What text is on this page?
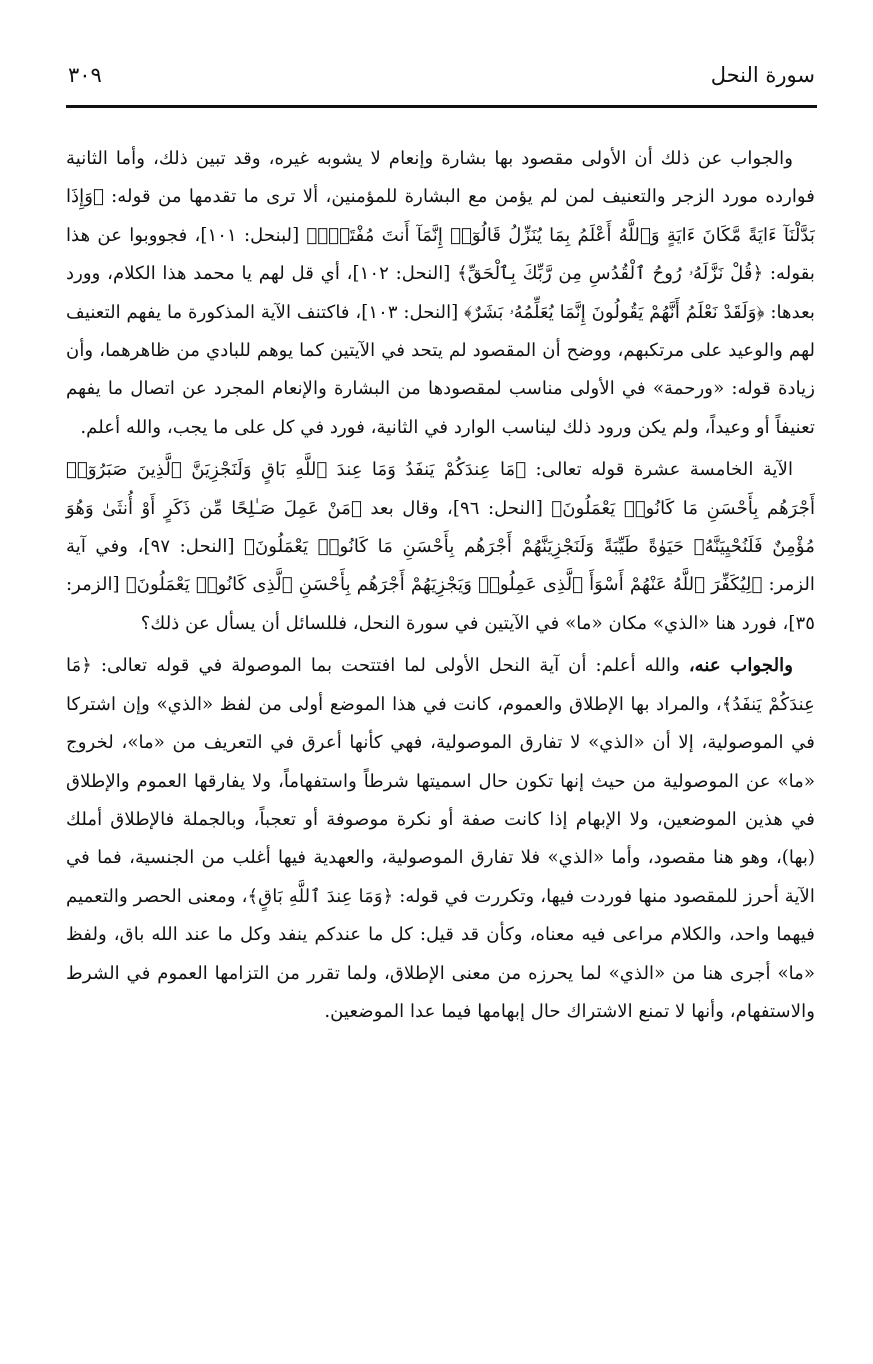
سورة النحل
٣٠٩

والجواب عن ذلك أن الأولى مقصود بها بشارة وإنعام لا يشوبه غيره، وقد تبين ذلك، وأما الثانية فوارده مورد الزجر والتعنيف لمن لم يؤمن مع البشارة للمؤمنين، ألا ترى ما تقدمها من قوله: ﴿وَإِذَا بَدَّلْنَآ ءَايَةً مَّكَانَ ءَايَةٍ وَٱللَّهُ أَعْلَمُ بِمَا يُنَزِّلُ قَالُوٓا۟ إِنَّمَآ أَنتَ مُفْتَرٍۭ﴾ [لبنحل: ١٠١]، فجووبوا عن هذا بقوله: ﴿قُلْ نَزَّلَهُۥ رُوحُ ٱلْقُدُسِ مِن رَّبِّكَ بِٱلْحَقِّ﴾ [النحل: ١٠٢]، أي قل لهم يا محمد هذا الكلام، وورد بعدها: ﴿وَلَقَدْ نَعْلَمُ أَنَّهُمْ يَقُولُونَ إِنَّمَا يُعَلِّمُهُۥ بَشَرٌ﴾ [النحل: ١٠٣]، فاكتنف الآية المذكورة ما يفهم التعنيف لهم والوعيد على مرتكبهم، ووضح أن المقصود لم يتحد في الآيتين كما يوهم للبادي من ظاهرهما، وأن زيادة قوله: «ورحمة» في الأولى مناسب لمقصودها من البشارة والإنعام المجرد عن اتصال ما يفهم تعنيفاً أو وعيداً، ولم يكن ورود ذلك ليناسب الوارد في الثانية، فورد في كل على ما يجب، والله أعلم.

الآية الخامسة عشرة قوله تعالى: ﴿مَا عِندَكُمْ يَنفَدُ وَمَا عِندَ ٱللَّهِ بَاقٍ وَلَنَجْزِيَنَّ ٱلَّذِينَ صَبَرُوٓا۟ أَجْرَهُم بِأَحْسَنِ مَا كَانُوا۟ يَعْمَلُونَ﴾ [النحل: ٩٦]، وقال بعد ﴿مَنْ عَمِلَ صَـٰلِحًا مِّن ذَكَرٍ أَوْ أُنثَىٰ وَهُوَ مُؤْمِنٌ فَلَنُحْيِيَنَّهُۥ حَيَوٰةً طَيِّبَةً وَلَنَجْزِيَنَّهُمْ أَجْرَهُم بِأَحْسَنِ مَا كَانُوا۟ يَعْمَلُونَ﴾ [النحل: ٩٧]، وفي آية الزمر: ﴿لِيُكَفِّرَ ٱللَّهُ عَنْهُمْ أَسْوَأَ ٱلَّذِى عَمِلُوا۟ وَيَجْزِيَهُمْ أَجْرَهُم بِأَحْسَنِ ٱلَّذِى كَانُوا۟ يَعْمَلُونَ﴾ [الزمر: ٣٥]، فورد هنا «الذي» مكان «ما» في الآيتين في سورة النحل، فللسائل أن يسأل عن ذلك؟

والجواب عنه، والله أعلم: أن آية النحل الأولى لما افتتحت بما الموصولة في قوله تعالى: ﴿مَا عِندَكُمْ يَنفَدُ﴾، والمراد بها الإطلاق والعموم، كانت في هذا الموضع أولى من لفظ «الذي» وإن اشتركا في الموصولية، إلا أن «الذي» لا تفارق الموصولية، فهي كأنها أعرق في التعريف من «ما»، لخروج «ما» عن الموصولية من حيث إنها تكون حال اسميتها شرطاً واستفهاماً، ولا يفارقها العموم والإطلاق في هذين الموضعين، ولا الإبهام إذا كانت صفة أو نكرة موصوفة أو تعجباً، وبالجملة فالإطلاق أملك (بها)، وهو هنا مقصود، وأما «الذي» فلا تفارق الموصولية، والعهدية فيها أغلب من الجنسية، فما في الآية أحرز للمقصود منها فوردت فيها، وتكررت في قوله: ﴿وَمَا عِندَ ٱللَّهِ بَاقٍ﴾، ومعنى الحصر والتعميم فيهما واحد، والكلام مراعى فيه معناه، وكأن قد قيل: كل ما عندكم ينفد وكل ما عند الله باق، ولفظ «ما» أجرى هنا من «الذي» لما يحرزه من معنى الإطلاق، ولما تقرر من التزامها العموم في الشرط والاستفهام، وأنها لا تمنع الاشتراك حال إبهامها فيما عدا الموضعين.
